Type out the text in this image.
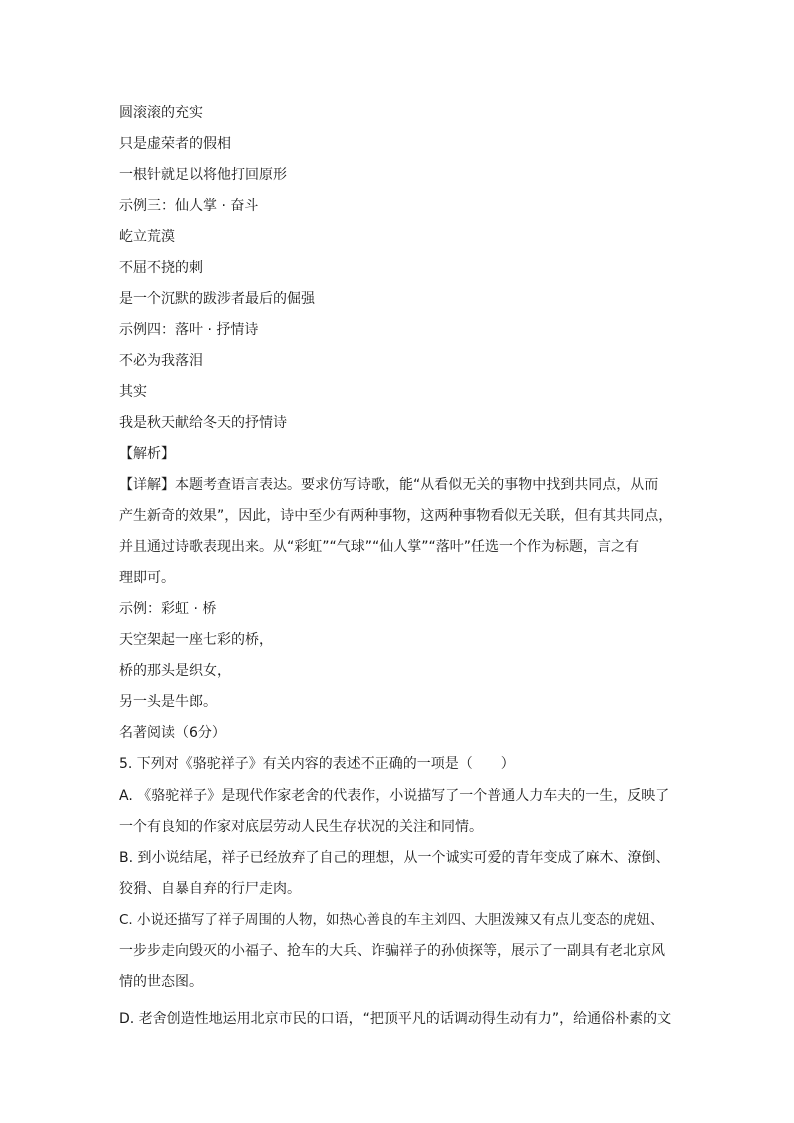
圆滚滚的充实
只是虚荣者的假相
一根针就足以将他打回原形
示例三：仙人掌 · 奋斗
屹立荒漠
不屈不挠的刺
是一个沉默的跋涉者最后的倔强
示例四：落叶 · 抒情诗
不必为我落泪
其实
我是秋天献给冬天的抒情诗
【解析】
【详解】本题考查语言表达。要求仿写诗歌，能“从看似无关的事物中找到共同点，从而
产生新奇的效果”，因此，诗中至少有两种事物，这两种事物看似无关联，但有其共同点，
并且通过诗歌表现出来。从“彩虹”“气球”“仙人掌”“落叶”任选一个作为标题，言之有
理即可。
示例：彩虹 · 桥
天空架起一座七彩的桥，
桥的那头是织女，
另一头是牛郎。
名著阅读（6分）
5. 下列对《骆驼祥子》有关内容的表述不正确的一项是（　　）
A. 《骆驼祥子》是现代作家老舍的代表作，小说描写了一个普通人力车夫的一生，反映了
一个有良知的作家对底层劳动人民生存状况的关注和同情。
B. 到小说结尾，祥子已经放弃了自己的理想，从一个诚实可爱的青年变成了麻木、潦倒、
狡猾、自暴自弃的行尸走肉。
C. 小说还描写了祥子周围的人物，如热心善良的车主刘四、大胆泼辣又有点儿变态的虎妞、
一步步走向毁灭的小福子、抢车的大兵、诈骗祥子的孙侦探等，展示了一副具有老北京风
情的世态图。
D. 老舍创造性地运用北京市民的口语，“把顶平凡的话调动得生动有力”，给通俗朴素的文
